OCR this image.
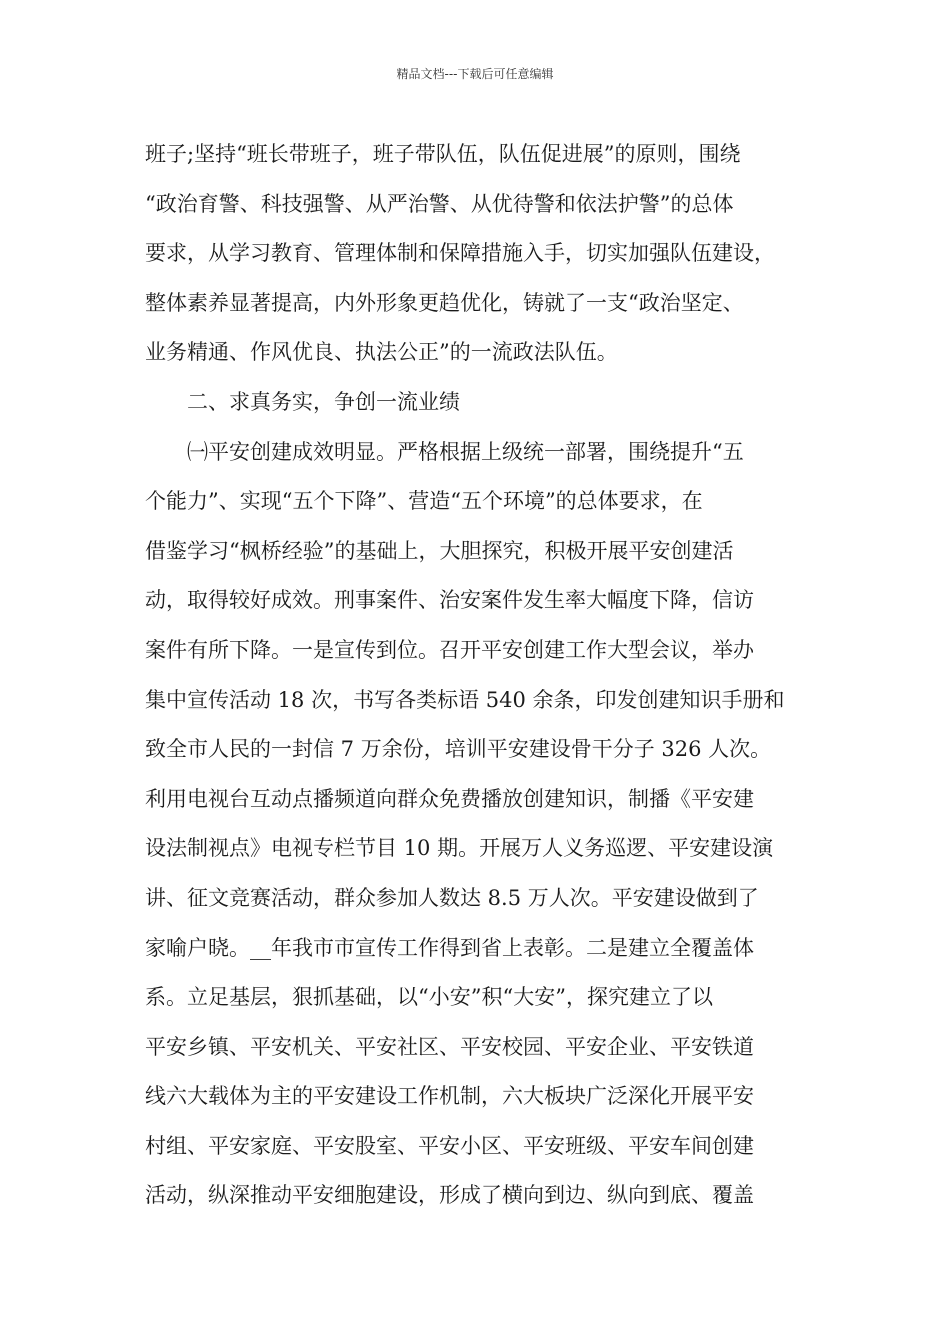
精品文档---下载后可任意编辑
班子;坚持“班长带班子，班子带队伍，队伍促进展”的原则，围绕
“政治育警、科技强警、从严治警、从优待警和依法护警”的总体
要求，从学习教育、管理体制和保障措施入手，切实加强队伍建设，
整体素养显著提高，内外形象更趋优化，铸就了一支“政治坚定、
业务精通、作风优良、执法公正”的一流政法队伍。
二、求真务实，争创一流业绩
㈠平安创建成效明显。严格根据上级统一部署，围绕提升“五
个能力”、实现“五个下降”、营造“五个环境”的总体要求，在
借鉴学习“枫桥经验”的基础上，大胆探究，积极开展平安创建活
动，取得较好成效。刑事案件、治安案件发生率大幅度下降，信访
案件有所下降。一是宣传到位。召开平安创建工作大型会议，举办
集中宣传活动 18 次，书写各类标语 540 余条，印发创建知识手册和
致全市人民的一封信 7 万余份，培训平安建设骨干分子 326 人次。
利用电视台互动点播频道向群众免费播放创建知识，制播《平安建
设法制视点》电视专栏节目 10 期。开展万人义务巡逻、平安建设演
讲、征文竞赛活动，群众参加人数达 8.5 万人次。平安建设做到了
家喻户晓。__年我市市宣传工作得到省上表彰。二是建立全覆盖体
系。立足基层，狠抓基础，以“小安”积“大安”，探究建立了以
平安乡镇、平安机关、平安社区、平安校园、平安企业、平安铁道
线六大载体为主的平安建设工作机制，六大板块广泛深化开展平安
村组、平安家庭、平安股室、平安小区、平安班级、平安车间创建
活动，纵深推动平安细胞建设，形成了横向到边、纵向到底、覆盖
